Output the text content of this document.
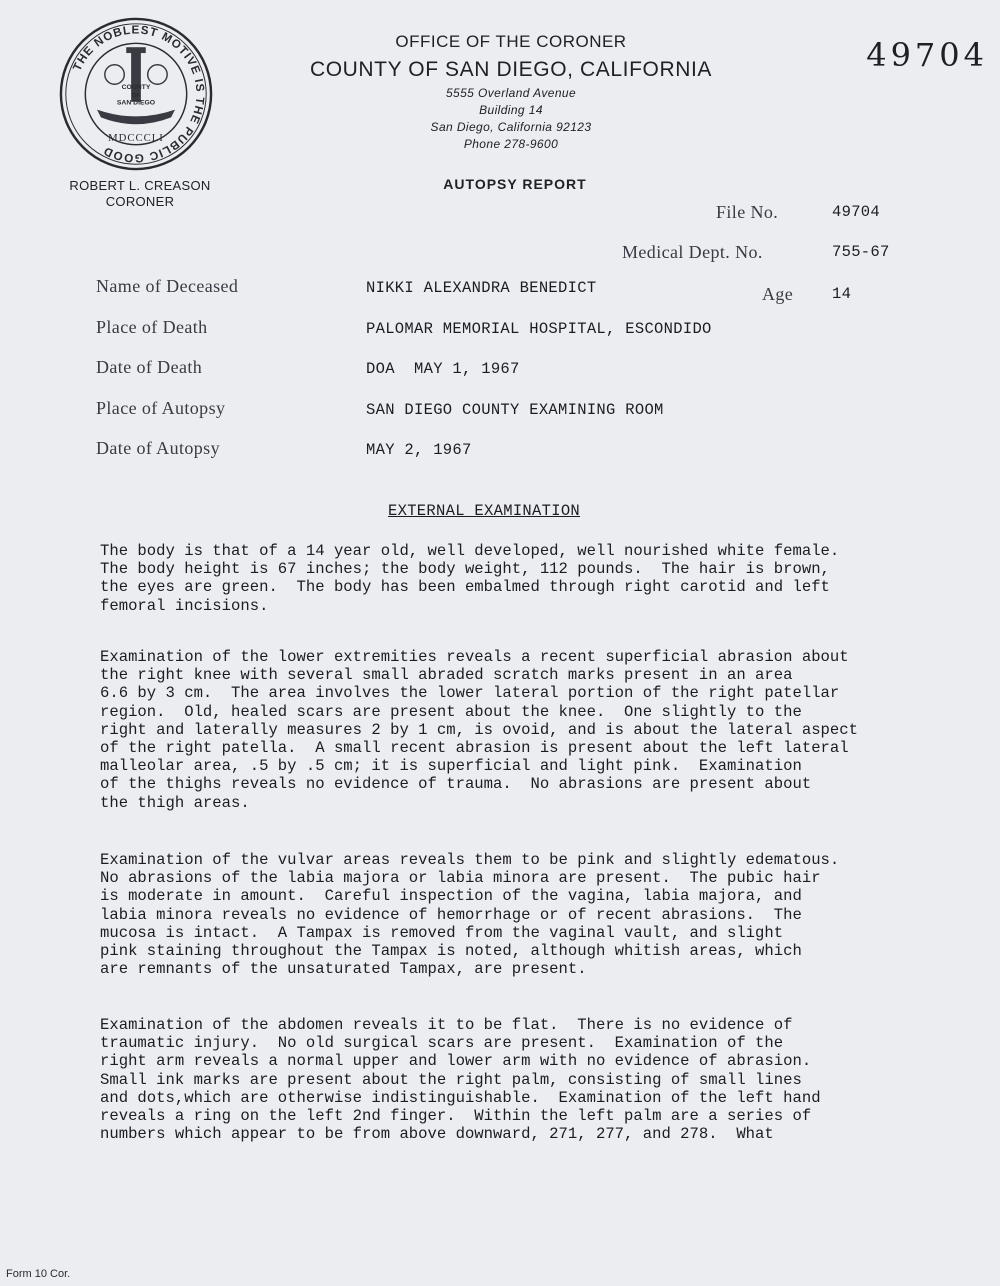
THE NOBLEST MOTIVE IS THE PUBLIC GOOD
COUNTY
OF
SAN DIEGO
MDCCCLI
OFFICE OF THE CORONER
COUNTY OF SAN DIEGO, CALIFORNIA
5555 Overland Avenue
Building 14
San Diego, California 92123
Phone 278-9600
ROBERT L. CREASON
CORONER
AUTOPSY REPORT
49704
File No.	49704
Medical Dept. No.	755-67
Name of Deceased	NIKKI ALEXANDRA BENEDICT	Age	14
Place of Death	PALOMAR MEMORIAL HOSPITAL, ESCONDIDO
Date of Death	DOA  MAY 1, 1967
Place of Autopsy	SAN DIEGO COUNTY EXAMINING ROOM
Date of Autopsy	MAY 2, 1967
EXTERNAL EXAMINATION
The body is that of a 14 year old, well developed, well nourished white female.
The body height is 67 inches; the body weight, 112 pounds.  The hair is brown,
the eyes are green.  The body has been embalmed through right carotid and left
femoral incisions.
Examination of the lower extremities reveals a recent superficial abrasion about
the right knee with several small abraded scratch marks present in an area
6.6 by 3 cm.  The area involves the lower lateral portion of the right patellar
region.  Old, healed scars are present about the knee.  One slightly to the
right and laterally measures 2 by 1 cm, is ovoid, and is about the lateral aspect
of the right patella.  A small recent abrasion is present about the left lateral
malleolar area, .5 by .5 cm; it is superficial and light pink.  Examination
of the thighs reveals no evidence of trauma.  No abrasions are present about
the thigh areas.
Examination of the vulvar areas reveals them to be pink and slightly edematous.
No abrasions of the labia majora or labia minora are present.  The pubic hair
is moderate in amount.  Careful inspection of the vagina, labia majora, and
labia minora reveals no evidence of hemorrhage or of recent abrasions.  The
mucosa is intact.  A Tampax is removed from the vaginal vault, and slight
pink staining throughout the Tampax is noted, although whitish areas, which
are remnants of the unsaturated Tampax, are present.
Examination of the abdomen reveals it to be flat.  There is no evidence of
traumatic injury.  No old surgical scars are present.  Examination of the
right arm reveals a normal upper and lower arm with no evidence of abrasion.
Small ink marks are present about the right palm, consisting of small lines
and dots,which are otherwise indistinguishable.  Examination of the left hand
reveals a ring on the left 2nd finger.  Within the left palm are a series of
numbers which appear to be from above downward, 271, 277, and 278.  What
Form 10 Cor.
